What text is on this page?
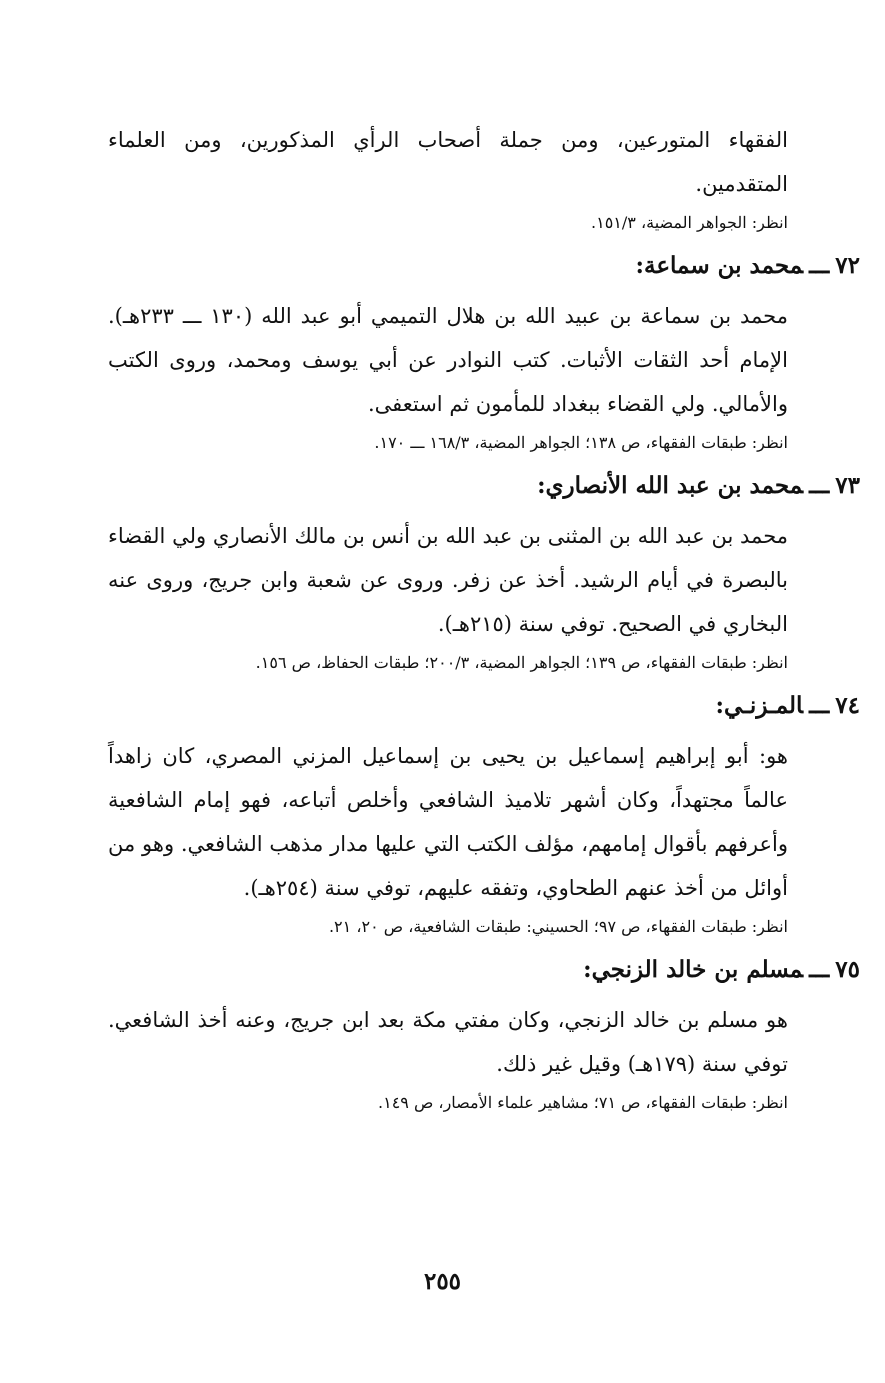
الفقهاء المتورعين، ومن جملة أصحاب الرأي المذكورين، ومن العلماء المتقدمين.

انظر: الجواهر المضية، ١٥١/٣.

٧٢ـــمحمد بن سماعة:

محمد بن سماعة بن عبيد الله بن هلال التميمي أبو عبد الله (١٣٠ ـــ ٢٣٣هـ). الإمام أحد الثقات الأثبات. كتب النوادر عن أبي يوسف ومحمد، وروى الكتب والأمالي. ولي القضاء ببغداد للمأمون ثم استعفى.

انظر: طبقات الفقهاء، ص ١٣٨؛ الجواهر المضية، ١٦٨/٣ ـــ ١٧٠.

٧٣ـــمحمد بن عبد الله الأنصاري:

محمد بن عبد الله بن المثنى بن عبد الله بن أنس بن مالك الأنصاري ولي القضاء بالبصرة في أيام الرشيد. أخذ عن زفر. وروى عن شعبة وابن جريج، وروى عنه البخاري في الصحيح. توفي سنة (٢١٥هـ).

انظر: طبقات الفقهاء، ص ١٣٩؛ الجواهر المضية، ٢٠٠/٣؛ طبقات الحفاظ، ص ١٥٦.

٧٤ـــالمـزنـي:

هو: أبو إبراهيم إسماعيل بن يحيى بن إسماعيل المزني المصري، كان زاهداً عالماً مجتهداً، وكان أشهر تلاميذ الشافعي وأخلص أتباعه، فهو إمام الشافعية وأعرفهم بأقوال إمامهم، مؤلف الكتب التي عليها مدار مذهب الشافعي. وهو من أوائل من أخذ عنهم الطحاوي، وتفقه عليهم، توفي سنة (٢٥٤هـ).

انظر: طبقات الفقهاء، ص ٩٧؛ الحسيني: طبقات الشافعية، ص ٢٠، ٢١.

٧٥ـــمسلم بن خالد الزنجي:

هو مسلم بن خالد الزنجي، وكان مفتي مكة بعد ابن جريج، وعنه أخذ الشافعي. توفي سنة (١٧٩هـ) وقيل غير ذلك.

انظر: طبقات الفقهاء، ص ٧١؛ مشاهير علماء الأمصار، ص ١٤٩.

٢٥٥
